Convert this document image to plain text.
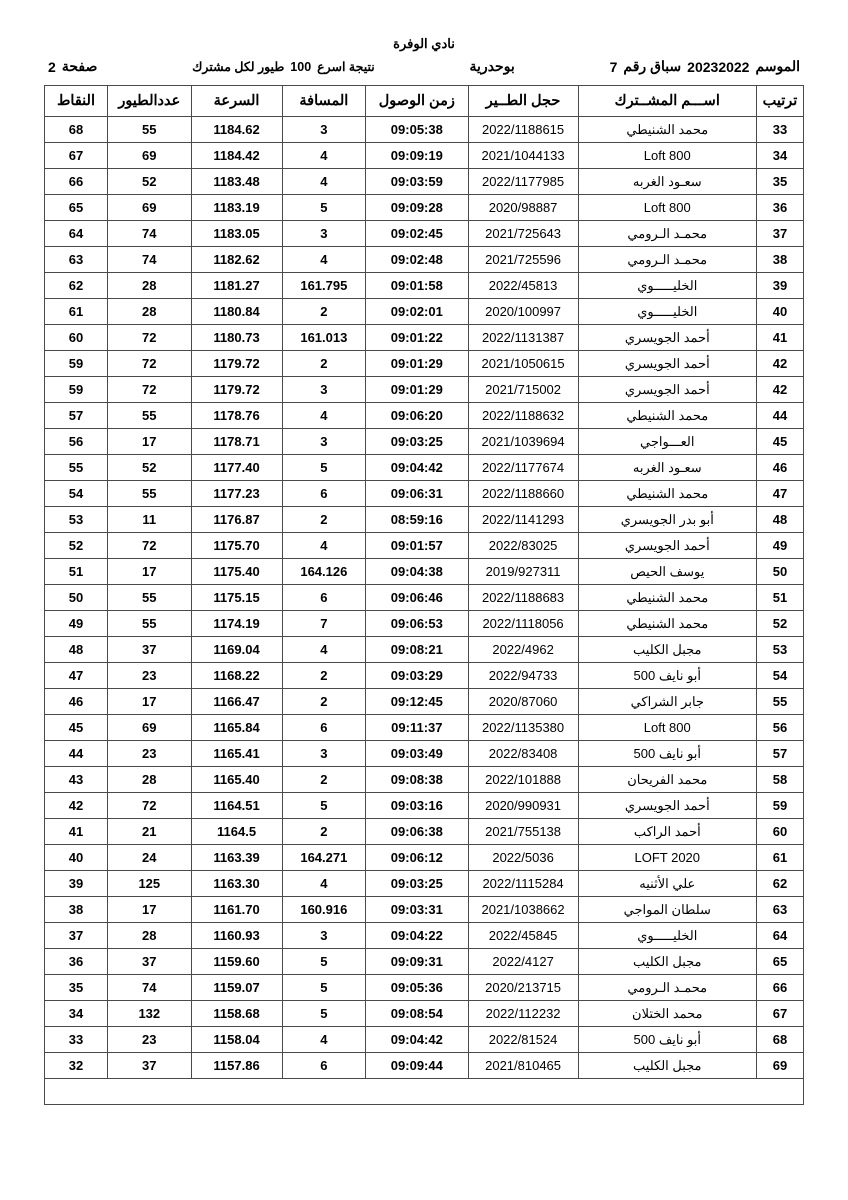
نادي الوفرة
الموسم
20232022
سباق رقم
7
بوحدرية
نتيجة اسرع
100
طيور لكل مشترك
صفحة
2
ترتيب	اســـم المشــترك	حجل الطــير	زمن الوصول	المسافة	السرعة	عددالطيور	النقاط
33	محمد الشنيطي	2022/1188615	09:05:38	3	1184.62	55	68
34	Loft 800	2021/1044133	09:09:19	4	1184.42	69	67
35	سعـود الغربه	2022/1177985	09:03:59	4	1183.48	52	66
36	Loft 800	2020/98887	09:09:28	5	1183.19	69	65
37	محمـد الـرومي	2021/725643	09:02:45	3	1183.05	74	64
38	محمـد الـرومي	2021/725596	09:02:48	4	1182.62	74	63
39	الخليـــــوي	2022/45813	09:01:58	161.795	1181.27	28	62
40	الخليـــــوي	2020/100997	09:02:01	2	1180.84	28	61
41	أحمد الجويسري	2022/1131387	09:01:22	161.013	1180.73	72	60
42	أحمد الجويسري	2021/1050615	09:01:29	2	1179.72	72	59
42	أحمد الجويسري	2021/715002	09:01:29	3	1179.72	72	59
44	محمد الشنيطي	2022/1188632	09:06:20	4	1178.76	55	57
45	العـــواجي	2021/1039694	09:03:25	3	1178.71	17	56
46	سعـود الغربه	2022/1177674	09:04:42	5	1177.40	52	55
47	محمد الشنيطي	2022/1188660	09:06:31	6	1177.23	55	54
48	أبو بدر الجويسري	2022/1141293	08:59:16	2	1176.87	11	53
49	أحمد الجويسري	2022/83025	09:01:57	4	1175.70	72	52
50	يوسف الحيص	2019/927311	09:04:38	164.126	1175.40	17	51
51	محمد الشنيطي	2022/1188683	09:06:46	6	1175.15	55	50
52	محمد الشنيطي	2022/1118056	09:06:53	7	1174.19	55	49
53	مجبل الكليب	2022/4962	09:08:21	4	1169.04	37	48
54	أبو نايف 500	2022/94733	09:03:29	2	1168.22	23	47
55	جابر الشراكي	2020/87060	09:12:45	2	1166.47	17	46
56	Loft 800	2022/1135380	09:11:37	6	1165.84	69	45
57	أبو نايف 500	2022/83408	09:03:49	3	1165.41	23	44
58	محمد الفريحان	2022/101888	09:08:38	2	1165.40	28	43
59	أحمد الجويسري	2020/990931	09:03:16	5	1164.51	72	42
60	أحمد الراكب	2021/755138	09:06:38	2	1164.5	21	41
61	LOFT 2020	2022/5036	09:06:12	164.271	1163.39	24	40
62	علي الأثنيه	2022/1115284	09:03:25	4	1163.30	125	39
63	سلطان المواجي	2021/1038662	09:03:31	160.916	1161.70	17	38
64	الخليـــــوي	2022/45845	09:04:22	3	1160.93	28	37
65	مجبل الكليب	2022/4127	09:09:31	5	1159.60	37	36
66	محمـد الـرومي	2020/213715	09:05:36	5	1159.07	74	35
67	محمد الختلان	2022/112232	09:08:54	5	1158.68	132	34
68	أبو نايف 500	2022/81524	09:04:42	4	1158.04	23	33
69	مجبل الكليب	2021/810465	09:09:44	6	1157.86	37	32
